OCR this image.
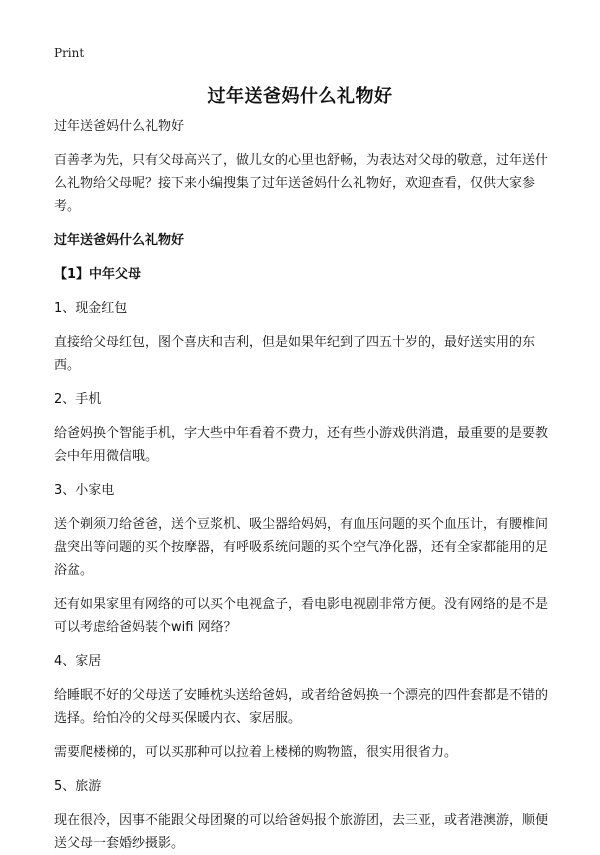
Print
过年送爸妈什么礼物好

过年送爸妈什么礼物好

百善孝为先，只有父母高兴了，做儿女的心里也舒畅，为表达对父母的敬意，过年送什么礼物给父母呢？接下来小编搜集了过年送爸妈什么礼物好，欢迎查看，仅供大家参考。

过年送爸妈什么礼物好

【1】中年父母

1、现金红包

直接给父母红包，图个喜庆和吉利，但是如果年纪到了四五十岁的，最好送实用的东西。

2、手机

给爸妈换个智能手机，字大些中年看着不费力，还有些小游戏供消遣，最重要的是要教会中年用微信哦。

3、小家电

送个剃须刀给爸爸，送个豆浆机、吸尘器给妈妈，有血压问题的买个血压计，有腰椎间盘突出等问题的买个按摩器，有呼吸系统问题的买个空气净化器，还有全家都能用的足浴盆。

还有如果家里有网络的可以买个电视盒子，看电影电视剧非常方便。没有网络的是不是可以考虑给爸妈装个wifi 网络？

4、家居

给睡眠不好的父母送了安睡枕头送给爸妈，或者给爸妈换一个漂亮的四件套都是不错的选择。给怕冷的父母买保暖内衣、家居服。

需要爬楼梯的，可以买那种可以拉着上楼梯的购物篮，很实用很省力。

5、旅游

现在很冷，因事不能跟父母团聚的可以给爸妈报个旅游团，去三亚，或者港澳游，顺便送父母一套婚纱摄影。
